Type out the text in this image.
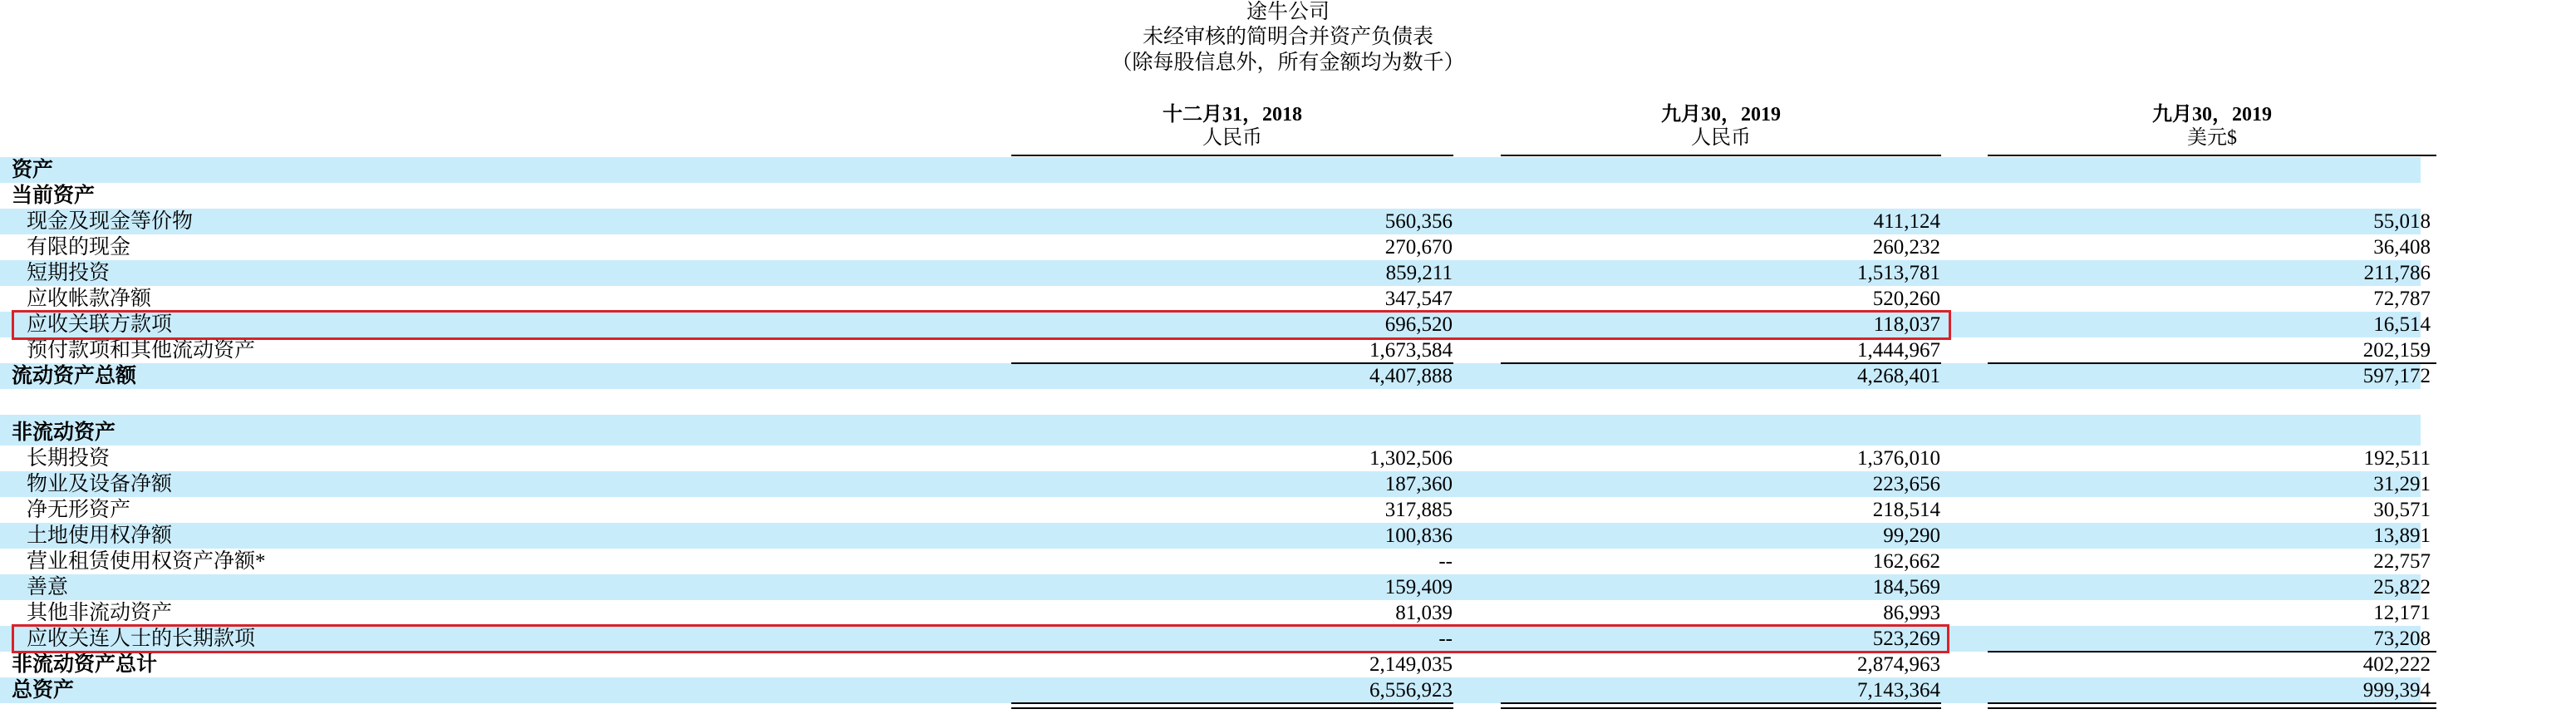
途牛公司
未经审核的简明合并资产负债表
（除每股信息外，所有金额均为数千）
十二月31，2018
人民币
九月30，2019
人民币
九月30，2019
美元$
资产
当前资产
现金及现金等价物	560,356	411,124	55,018
有限的现金	270,670	260,232	36,408
短期投资	859,211	1,513,781	211,786
应收帐款净额	347,547	520,260	72,787
应收关联方款项	696,520	118,037	16,514
预付款项和其他流动资产	1,673,584	1,444,967	202,159
流动资产总额	4,407,888	4,268,401	597,172
非流动资产
长期投资	1,302,506	1,376,010	192,511
物业及设备净额	187,360	223,656	31,291
净无形资产	317,885	218,514	30,571
土地使用权净额	100,836	99,290	13,891
营业租赁使用权资产净额*	--	162,662	22,757
善意	159,409	184,569	25,822
其他非流动资产	81,039	86,993	12,171
应收关连人士的长期款项	--	523,269	73,208
非流动资产总计	2,149,035	2,874,963	402,222
总资产	6,556,923	7,143,364	999,394
